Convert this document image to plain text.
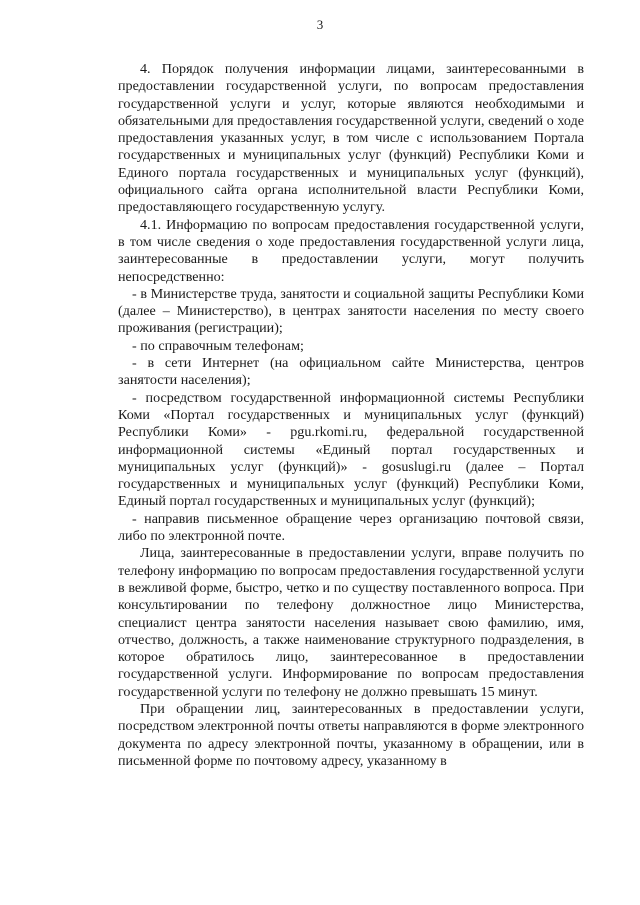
3

4. Порядок получения информации лицами, заинтересованными в предоставлении государственной услуги, по вопросам предоставления государственной услуги и услуг, которые являются необходимыми и обязательными для предоставления государственной услуги, сведений о ходе предоставления указанных услуг, в том числе с использованием Портала государственных и муниципальных услуг (функций) Республики Коми и Единого портала государственных и муниципальных услуг (функций), официального сайта органа исполнительной власти Республики Коми, предоставляющего государственную услугу.

4.1. Информацию по вопросам предоставления государственной услуги, в том числе сведения о ходе предоставления государственной услуги лица, заинтересованные в предоставлении услуги, могут получить непосредственно:

- в Министерстве труда, занятости и социальной защиты Республики Коми (далее – Министерство), в центрах занятости населения по месту своего проживания (регистрации);

- по справочным телефонам;

- в сети Интернет (на официальном сайте Министерства, центров занятости населения);

- посредством государственной информационной системы Республики Коми «Портал государственных и муниципальных услуг (функций) Республики Коми» - pgu.rkomi.ru, федеральной государственной информационной системы «Единый портал государственных и муниципальных услуг (функций)» - gosuslugi.ru (далее – Портал государственных и муниципальных услуг (функций) Республики Коми, Единый портал государственных и муниципальных услуг (функций);

- направив письменное обращение через организацию почтовой связи, либо по электронной почте.

Лица, заинтересованные в предоставлении услуги, вправе получить по телефону информацию по вопросам предоставления государственной услуги в вежливой форме, быстро, четко и по существу поставленного вопроса. При консультировании по телефону должностное лицо Министерства, специалист центра занятости населения называет свою фамилию, имя, отчество, должность, а также наименование структурного подразделения, в которое обратилось лицо, заинтересованное в предоставлении государственной услуги. Информирование по вопросам предоставления государственной услуги по телефону не должно превышать 15 минут.

При обращении лиц, заинтересованных в предоставлении услуги, посредством электронной почты ответы направляются в форме электронного документа по адресу электронной почты, указанному в обращении, или в письменной форме по почтовому адресу, указанному в
